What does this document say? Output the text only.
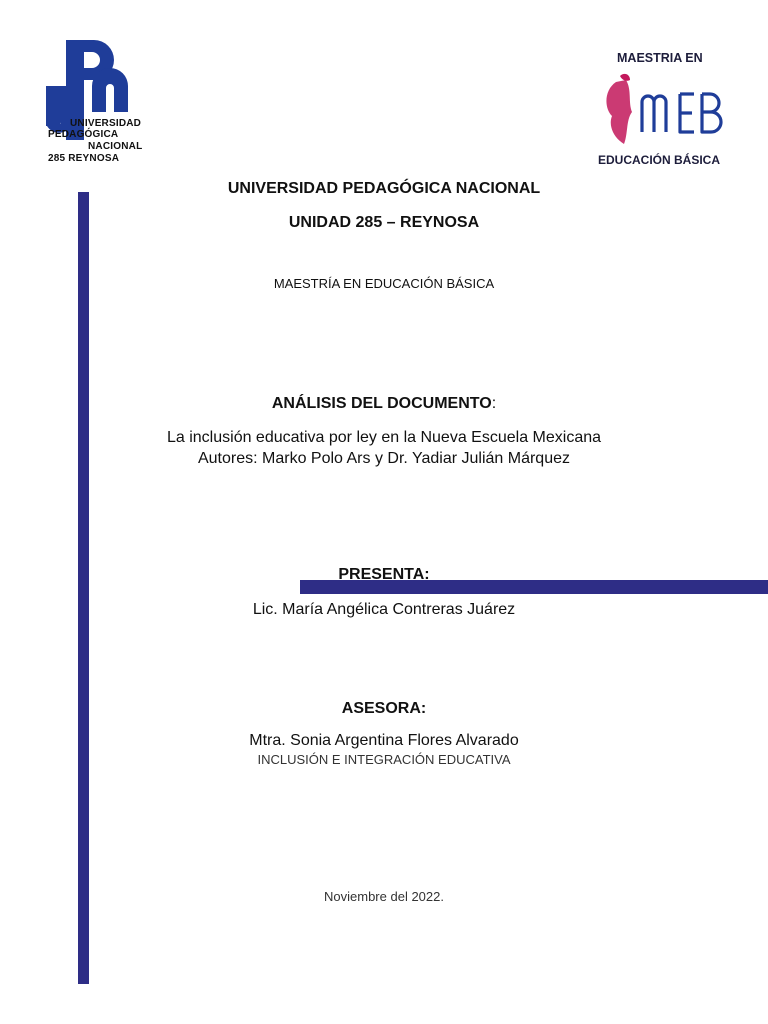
UNIVERSIDAD
PEDAGÓGICA
NACIONAL
285 REYNOSA
MAESTRIA EN
EDUCACIÓN BÁSICA
UNIVERSIDAD PEDAGÓGICA NACIONAL
UNIDAD 285 – REYNOSA
MAESTRÍA EN EDUCACIÓN BÁSICA
ANÁLISIS DEL DOCUMENTO:
La inclusión educativa por ley en la Nueva Escuela Mexicana
Autores: Marko Polo Ars y Dr. Yadiar Julián Márquez
PRESENTA:
Lic. María Angélica Contreras Juárez
ASESORA:
Mtra. Sonia Argentina Flores Alvarado
INCLUSIÓN E INTEGRACIÓN EDUCATIVA
Noviembre del 2022.
